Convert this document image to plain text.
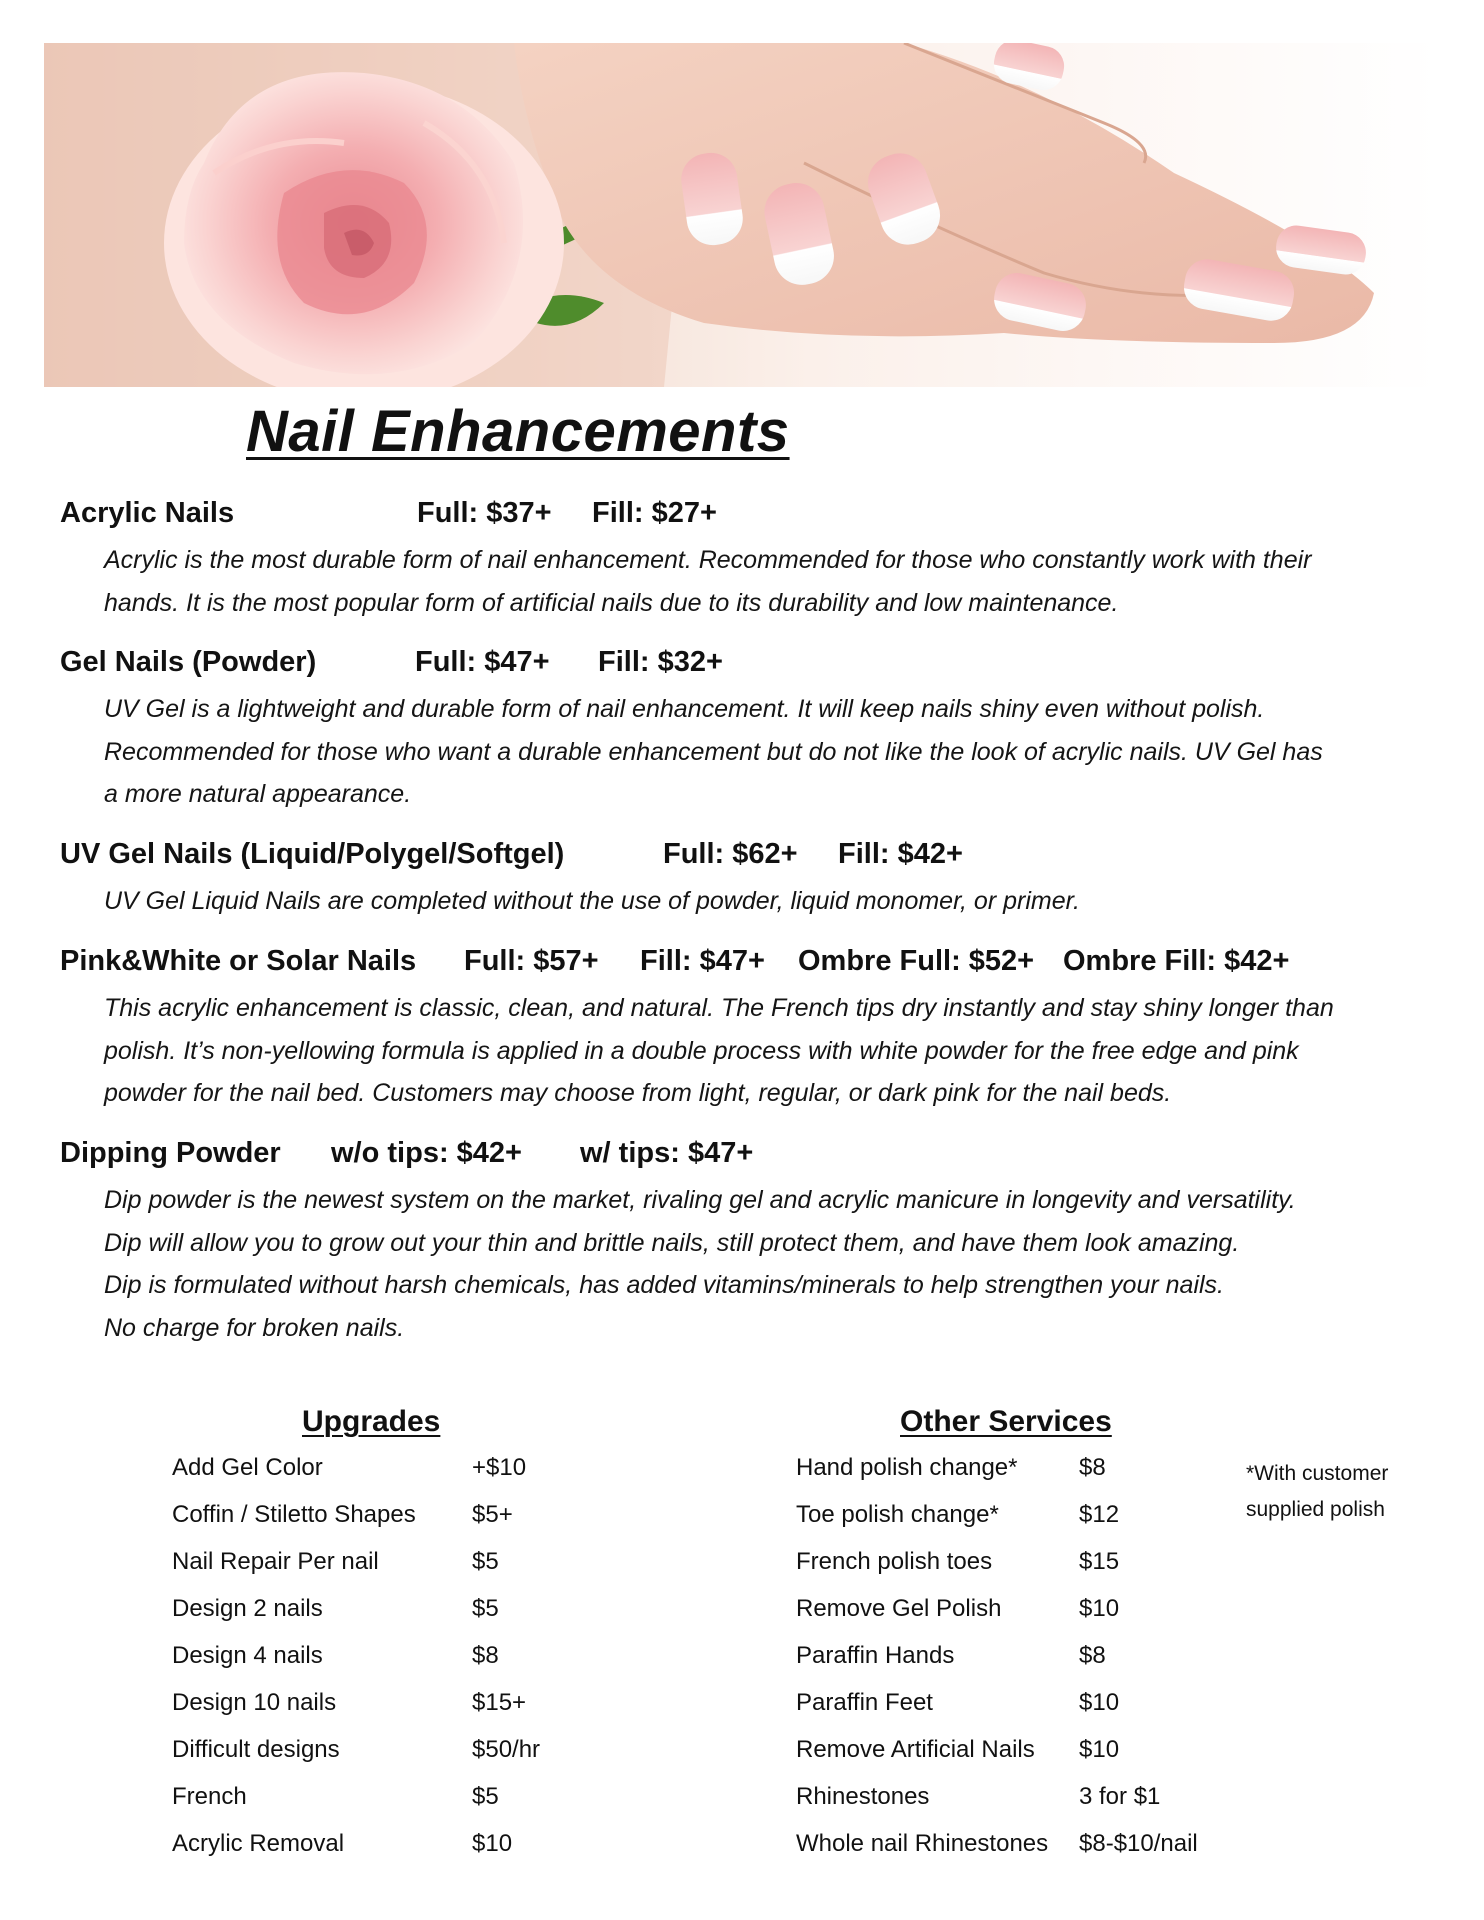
Nail Enhancements
Acrylic Nails	Full: $37+ Fill: $27+
Acrylic is the most durable form of nail enhancement. Recommended for those who constantly work with their
hands. It is the most popular form of artificial nails due to its durability and low maintenance.
Gel Nails (Powder)	Full: $47+ Fill: $32+
UV Gel is a lightweight and durable form of nail enhancement. It will keep nails shiny even without polish.
Recommended for those who want a durable enhancement but do not like the look of acrylic nails. UV Gel has
a more natural appearance.
UV Gel Nails (Liquid/Polygel/Softgel)	Full: $62+ Fill: $42+
UV Gel Liquid Nails are completed without the use of powder, liquid monomer, or primer.
Pink&White or Solar Nails Full: $57+ Fill: $47+ Ombre Full: $52+ Ombre Fill: $42+
This acrylic enhancement is classic, clean, and natural. The French tips dry instantly and stay shiny longer than
polish. It’s non-yellowing formula is applied in a double process with white powder for the free edge and pink
powder for the nail bed. Customers may choose from light, regular, or dark pink for the nail beds.
Dipping Powder w/o tips: $42+ w/ tips: $47+
Dip powder is the newest system on the market, rivaling gel and acrylic manicure in longevity and versatility.
Dip will allow you to grow out your thin and brittle nails, still protect them, and have them look amazing.
Dip is formulated without harsh chemicals, has added vitamins/minerals to help strengthen your nails.
No charge for broken nails.
Upgrades
Add Gel Color	+$10
Coffin / Stiletto Shapes $5+
Nail Repair Per nail	$5
Design 2 nails	$5
Design 4 nails	$8
Design 10 nails	$15+
Difficult designs	$50/hr
French	$5
Acrylic Removal	$10
Other Services
Hand polish change*	$8
Toe polish change*	$12
French polish toes	$15
Remove Gel Polish	$10
Paraffin Hands	$8
Paraffin Feet	$10
Remove Artificial Nails $10
Rhinestones	3 for $1
Whole nail Rhinestones $8-$10/nail
*With customer
supplied polish
